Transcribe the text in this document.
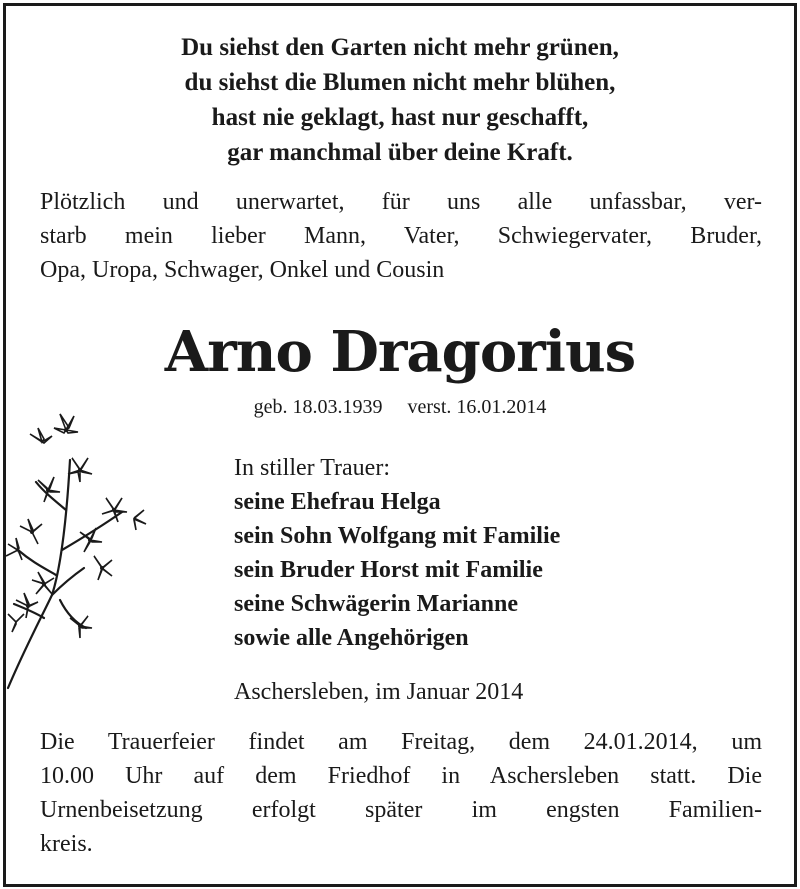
Du siehst den Garten nicht mehr grünen,
du siehst die Blumen nicht mehr blühen,
hast nie geklagt, hast nur geschafft,
gar manchmal über deine Kraft.
Plötzlich und unerwartet, für uns alle unfassbar, ver-
starb mein lieber Mann, Vater, Schwiegervater, Bruder,
Opa, Uropa, Schwager, Onkel und Cousin
Arno Dragorius
geb. 18.03.1939 verst. 16.01.2014
In stiller Trauer:
seine Ehefrau Helga
sein Sohn Wolfgang mit Familie
sein Bruder Horst mit Familie
seine Schwägerin Marianne
sowie alle Angehörigen
Aschersleben, im Januar 2014
Die Trauerfeier findet am Freitag, dem 24.01.2014, um
10.00 Uhr auf dem Friedhof in Aschersleben statt. Die
Urnenbeisetzung erfolgt später im engsten Familien-
kreis.
